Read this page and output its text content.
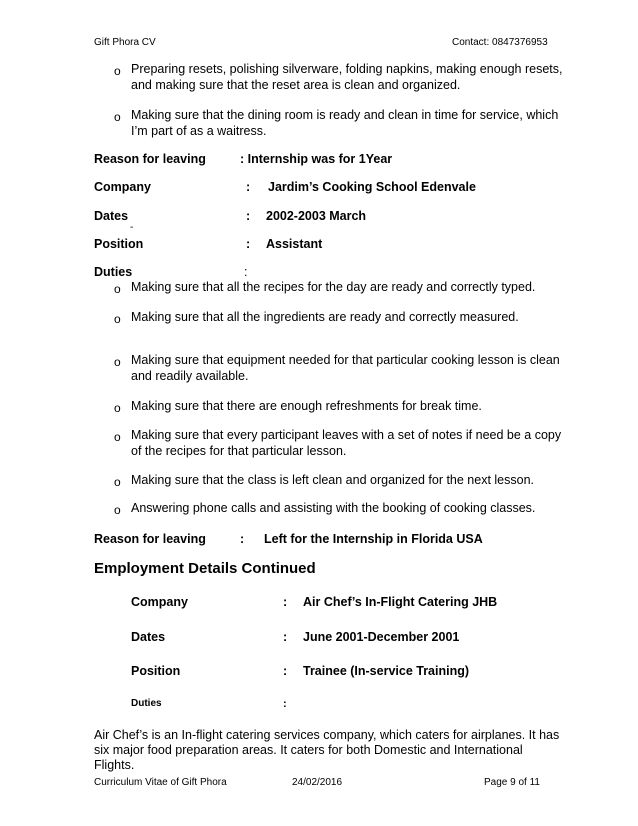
Gift Phora CV	Contact: 0847376953
o Preparing resets, polishing silverware, folding napkins, making enough resets, and making sure that the reset area is clean and organized.
o Making sure that the dining room is ready and clean in time for service, which I’m part of as a waitress.
Reason for leaving	: Internship was for 1Year
Company	: Jardim’s Cooking School Edenvale
Dates	: 2002-2003 March
-
Position	: Assistant
Duties	:
o Making sure that all the recipes for the day are ready and correctly typed.
o Making sure that all the ingredients are ready and correctly measured.
o Making sure that equipment needed for that particular cooking lesson is clean and readily available.
o Making sure that there are enough refreshments for break time.
o Making sure that every participant leaves with a set of notes if need be a copy of the recipes for that particular lesson.
o Making sure that the class is left clean and organized for the next lesson.
o Answering phone calls and assisting with the booking of cooking classes.
Reason for leaving	: Left for the Internship in Florida USA
Employment Details Continued
Company	: Air Chef’s In-Flight Catering JHB
Dates	: June 2001-December 2001
Position	: Trainee (In-service Training)
Duties	:
Air Chef’s is an In-flight catering services company, which caters for airplanes. It has six major food preparation areas. It caters for both Domestic and International Flights.
Curriculum Vitae of Gift Phora	24/02/2016	Page 9 of 11
